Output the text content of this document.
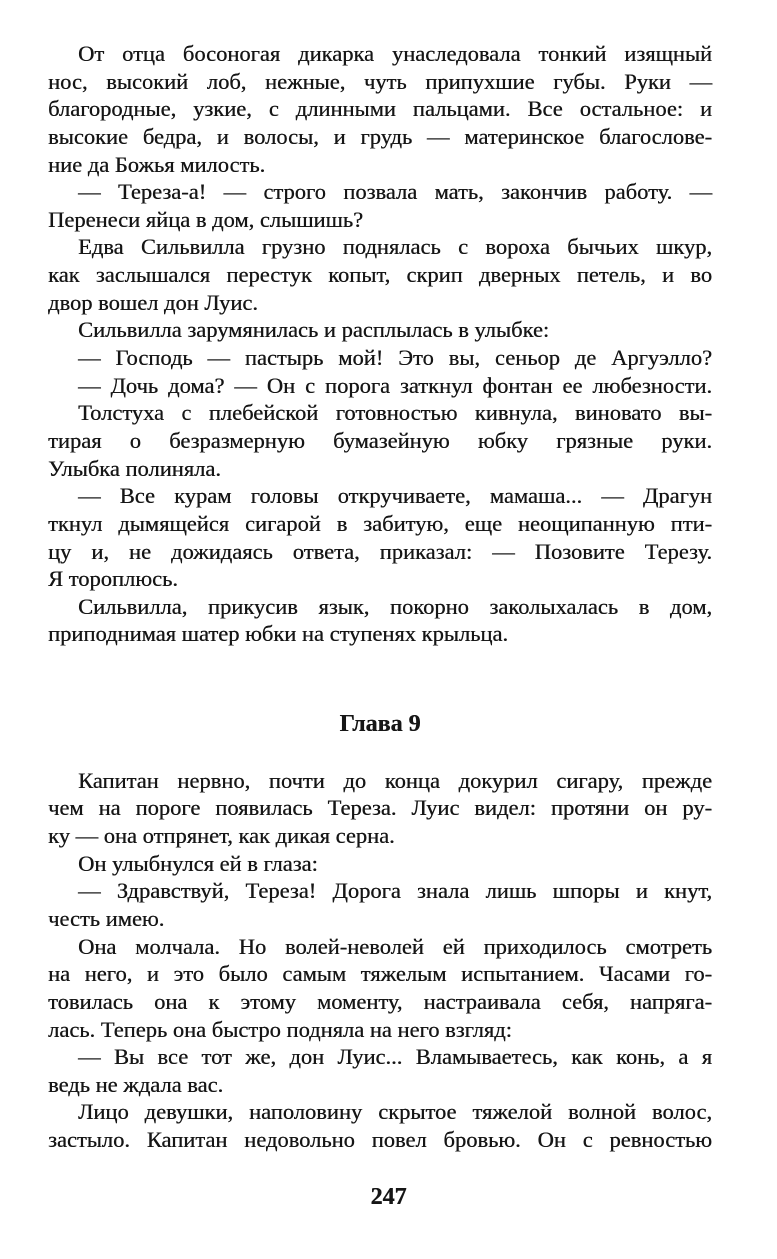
От отца босоногая дикарка унаследовала тонкий изящный
нос, высокий лоб, нежные, чуть припухшие губы. Руки —
благородные, узкие, с длинными пальцами. Все остальное: и
высокие бедра, и волосы, и грудь — материнское благослове-
ние да Божья милость.
— Тереза-а! — строго позвала мать, закончив работу. —
Перенеси яйца в дом, слышишь?
Едва Сильвилла грузно поднялась с вороха бычьих шкур,
как заслышался перестук копыт, скрип дверных петель, и во
двор вошел дон Луис.
Сильвилла зарумянилась и расплылась в улыбке:
— Господь — пастырь мой! Это вы, сеньор де Аргуэлло?
— Дочь дома? — Он с порога заткнул фонтан ее любезности.
Толстуха с плебейской готовностью кивнула, виновато вы-
тирая о безразмерную бумазейную юбку грязные руки.
Улыбка полиняла.
— Все курам головы откручиваете, мамаша... — Драгун
ткнул дымящейся сигарой в забитую, еще неощипанную пти-
цу и, не дожидаясь ответа, приказал: — Позовите Терезу.
Я тороплюсь.
Сильвилла, прикусив язык, покорно заколыхалась в дом,
приподнимая шатер юбки на ступенях крыльца.
Глава 9
Капитан нервно, почти до конца докурил сигару, прежде
чем на пороге появилась Тереза. Луис видел: протяни он ру-
ку — она отпрянет, как дикая серна.
Он улыбнулся ей в глаза:
— Здравствуй, Тереза! Дорога знала лишь шпоры и кнут,
честь имею.
Она молчала. Но волей-неволей ей приходилось смотреть
на него, и это было самым тяжелым испытанием. Часами го-
товилась она к этому моменту, настраивала себя, напряга-
лась. Теперь она быстро подняла на него взгляд:
— Вы все тот же, дон Луис... Вламываетесь, как конь, а я
ведь не ждала вас.
Лицо девушки, наполовину скрытое тяжелой волной волос,
застыло. Капитан недовольно повел бровью. Он с ревностью
247
